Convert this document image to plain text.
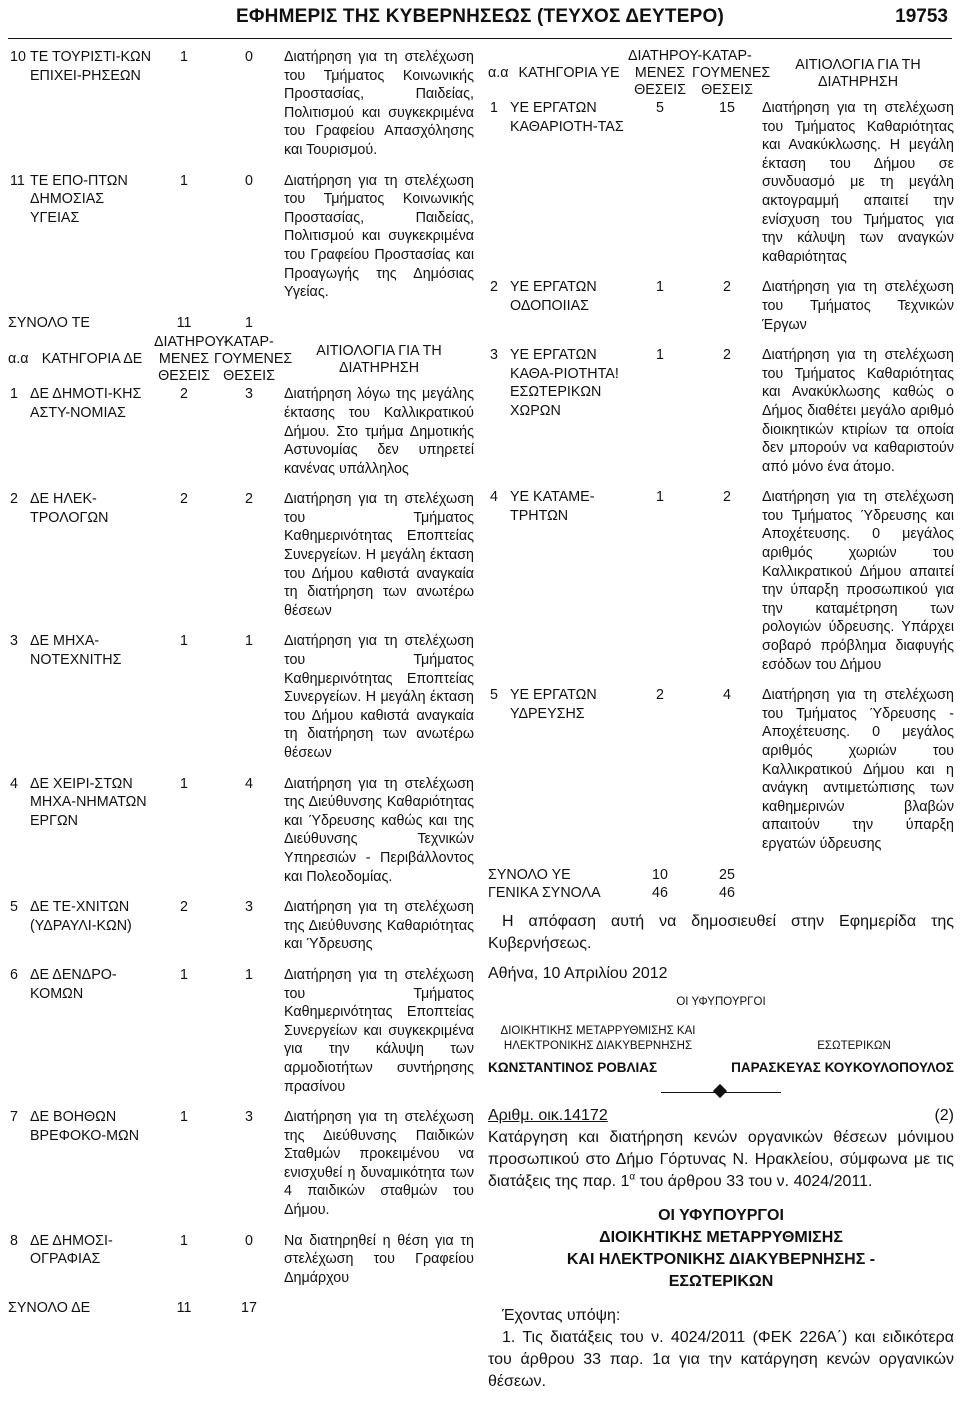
ΕΦΗΜΕΡΙΣ ΤΗΣ ΚΥΒΕΡΝΗΣΕΩΣ (ΤΕΥΧΟΣ ΔΕΥΤΕΡΟ)	19753
10	ΤΕ ΤΟΥΡΙΣΤΙ-ΚΩΝ ΕΠΙΧΕΙ-ΡΗΣΕΩΝ	1	0	Διατήρηση για τη στελέχωση του Τμήματος Κοινωνικής Προστασίας, Παιδείας, Πολιτισμού και συγκεκριμένα του Γραφείου Απασχόλησης και Τουρισμού.
11	ΤΕ ΕΠΟ-ΠΤΩΝ ΔΗΜΟΣΙΑΣ ΥΓΕΙΑΣ	1	0	Διατήρηση για τη στελέχωση του Τμήματος Κοινωνικής Προστασίας, Παιδείας, Πολιτισμού και συγκεκριμένα του Γραφείου Προστασίας και Προαγωγής της Δημόσιας Υγείας.
ΣΥΝΟΛΟ ΤΕ		11	1	
α.α	ΚΑΤΗΓΟΡΙΑ ΔΕ	ΔΙΑΤΗΡΟΥ-ΜΕΝΕΣ ΘΕΣΕΙΣ	ΚΑΤΑΡ-ΓΟΥΜΕΝΕΣ ΘΕΣΕΙΣ	ΑΙΤΙΟΛΟΓΙΑ ΓΙΑ ΤΗ ΔΙΑΤΗΡΗΣΗ
1	ΔΕ ΔΗΜΟΤΙ-ΚΗΣ ΑΣΤΥ-ΝΟΜΙΑΣ	2	3	Διατήρηση λόγω της μεγάλης έκτασης του Καλλικρατικού Δήμου. Στο τμήμα Δημοτικής Αστυνομίας δεν υπηρετεί κανένας υπάλληλος
2	ΔΕ ΗΛΕΚ-ΤΡΟΛΟΓΩΝ	2	2	Διατήρηση για τη στελέχωση του Τμήματος Καθημερινότητας Εποπτείας Συνεργείων. Η μεγάλη έκταση του Δήμου καθιστά αναγκαία τη διατήρηση των ανωτέρω θέσεων
3	ΔΕ ΜΗΧΑ-ΝΟΤΕΧΝΙΤΗΣ	1	1	Διατήρηση για τη στελέχωση του Τμήματος Καθημερινότητας Εποπτείας Συνεργείων. Η μεγάλη έκταση του Δήμου καθιστά αναγκαία τη διατήρηση των ανωτέρω θέσεων
4	ΔΕ ΧΕΙΡΙ-ΣΤΩΝ ΜΗΧΑ-ΝΗΜΑΤΩΝ ΕΡΓΩΝ	1	4	Διατήρηση για τη στελέχωση της Διεύθυνσης Καθαριότητας και Ύδρευσης καθώς και της Διεύθυνσης Τεχνικών Υπηρεσιών - Περιβάλλοντος και Πολεοδομίας.
5	ΔΕ ΤΕ-ΧΝΙΤΩΝ (ΥΔΡΑΥΛΙ-ΚΩΝ)	2	3	Διατήρηση για τη στελέχωση της Διεύθυνσης Καθαριότητας και Ύδρευσης
6	ΔΕ ΔΕΝΔΡΟ-ΚΟΜΩΝ	1	1	Διατήρηση για τη στελέχωση του Τμήματος Καθημερινότητας Εποπτείας Συνεργείων και συγκεκριμένα για την κάλυψη των αρμοδιοτήτων συντήρησης πρασίνου
7	ΔΕ ΒΟΗΘΩΝ ΒΡΕΦΟΚΟ-ΜΩΝ	1	3	Διατήρηση για τη στελέχωση της Διεύθυνσης Παιδικών Σταθμών προκειμένου να ενισχυθεί η δυναμικότητα των 4 παιδικών σταθμών του Δήμου.
8	ΔΕ ΔΗΜΟΣΙ-ΟΓΡΑΦΙΑΣ	1	0	Να διατηρηθεί η θέση για τη στελέχωση του Γραφείου Δημάρχου
ΣΥΝΟΛΟ ΔΕ		11	17	
α.α	ΚΑΤΗΓΟΡΙΑ ΥΕ	ΔΙΑΤΗΡΟΥ-ΜΕΝΕΣ ΘΕΣΕΙΣ	ΚΑΤΑΡ-ΓΟΥΜΕΝΕΣ ΘΕΣΕΙΣ	ΑΙΤΙΟΛΟΓΙΑ ΓΙΑ ΤΗ ΔΙΑΤΗΡΗΣΗ
1	ΥΕ ΕΡΓΑΤΩΝ ΚΑΘΑΡΙΟΤΗ-ΤΑΣ	5	15	Διατήρηση για τη στελέχωση του Τμήματος Καθαριότητας και Ανακύκλωσης. Η μεγάλη έκταση του Δήμου σε συνδυασμό με τη μεγάλη ακτογραμμή απαιτεί την ενίσχυση του Τμήματος για την κάλυψη των αναγκών καθαριότητας
2	ΥΕ ΕΡΓΑΤΩΝ ΟΔΟΠΟΙΙΑΣ	1	2	Διατήρηση για τη στελέχωση του Τμήματος Τεχνικών Έργων
3	ΥΕ ΕΡΓΑΤΩΝ ΚΑΘΑ-ΡΙΟΤΗΤΑ! ΕΣΩΤΕΡΙΚΩΝ ΧΩΡΩΝ	1	2	Διατήρηση για τη στελέχωση του Τμήματος Καθαριότητας και Ανακύκλωσης καθώς ο Δήμος διαθέτει μεγάλο αριθμό διοικητικών κτιρίων τα οποία δεν μπορούν να καθαριστούν από μόνο ένα άτομο.
4	ΥΕ ΚΑΤΑΜΕ-ΤΡΗΤΩΝ	1	2	Διατήρηση για τη στελέχωση του Τμήματος Ύδρευσης και Αποχέτευσης. 0 μεγάλος αριθμός χωριών του Καλλικρατικού Δήμου απαιτεί την ύπαρξη προσωπικού για την καταμέτρηση των ρολογιών ύδρευσης. Υπάρχει σοβαρό πρόβλημα διαφυγής εσόδων του Δήμου
5	ΥΕ ΕΡΓΑΤΩΝ ΥΔΡΕΥΣΗΣ	2	4	Διατήρηση για τη στελέχωση του Τμήματος Ύδρευσης - Αποχέτευσης. 0 μεγάλος αριθμός χωριών του Καλλικρατικού Δήμου και η ανάγκη αντιμετώπισης των καθημερινών βλαβών απαιτούν την ύπαρξη εργατών ύδρευσης
ΣΥΝΟΛΟ ΥΕ		10	25	
ΓΕΝΙΚΑ ΣΥΝΟΛΑ		46	46	

Η απόφαση αυτή να δημοσιευθεί στην Εφημερίδα της Κυβερνήσεως.

Αθήνα, 10 Απριλίου 2012

ΟΙ ΥΦΥΠΟΥΡΓΟΙ

ΔΙΟΙΚΗΤΙΚΗΣ ΜΕΤΑΡΡΥΘΜΙΣΗΣ ΚΑΙ ΗΛΕΚΤΡΟΝΙΚΗΣ ΔΙΑΚΥΒΕΡΝΗΣΗΣ	ΕΣΩΤΕΡΙΚΩΝ
ΚΩΝΣΤΑΝΤΙΝΟΣ ΡΟΒΛΙΑΣ	ΠΑΡΑΣΚΕΥΑΣ ΚΟΥΚΟΥΛΟΠΟΥΛΟΣ
Αριθμ. οικ.14172	(2)

Κατάργηση και διατήρηση κενών οργανικών θέσεων μόνιμου προσωπικού στο Δήμο Γόρτυνας Ν. Ηρακλείου, σύμφωνα με τις διατάξεις της παρ. $1^\alpha$ του άρθρου 33 του ν. 4024/2011.

ΟΙ ΥΦΥΠΟΥΡΓΟΙ
ΔΙΟΙΚΗΤΙΚΗΣ ΜΕΤΑΡΡΥΘΜΙΣΗΣ
ΚΑΙ ΗΛΕΚΤΡΟΝΙΚΗΣ ΔΙΑΚΥΒΕΡΝΗΣΗΣ -
ΕΣΩΤΕΡΙΚΩΝ

Έχοντας υπόψη:

1. Τις διατάξεις του ν. 4024/2011 (ΦΕΚ 226Α΄) και ειδικότερα του άρθρου 33 παρ. 1α για την κατάργηση κενών οργανικών θέσεων.
